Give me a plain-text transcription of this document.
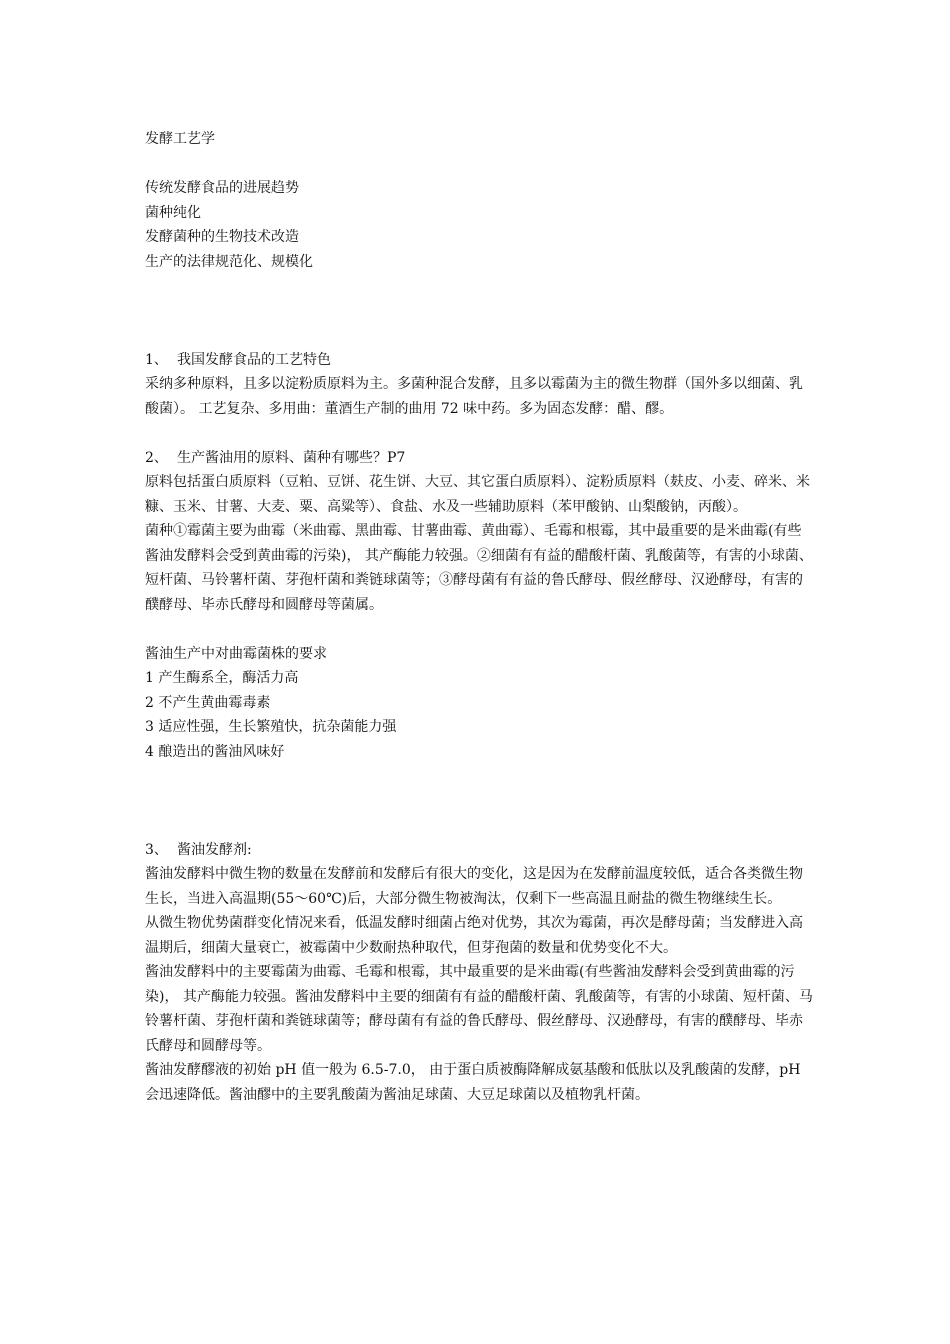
发酵工艺学

传统发酵食品的进展趋势

菌种纯化

发酵菌种的生物技术改造

生产的法律规范化、规模化

1、 我国发酵食品的工艺特色

采纳多种原料，且多以淀粉质原料为主。多菌种混合发酵，且多以霉菌为主的微生物群（国外多以细菌、乳酸菌）。 工艺复杂、多用曲：董酒生产制的曲用 72 味中药。多为固态发酵：醋、醪。

2、 生产酱油用的原料、菌种有哪些？P7

原料包括蛋白质原料（豆粕、豆饼、花生饼、大豆、其它蛋白质原料）、淀粉质原料（麸皮、小麦、碎米、米糠、玉米、甘薯、大麦、粟、高粱等）、食盐、水及一些辅助原料（苯甲酸钠、山梨酸钠，丙酸）。

菌种①霉菌主要为曲霉（米曲霉、黑曲霉、甘薯曲霉、黄曲霉）、毛霉和根霉，其中最重要的是米曲霉(有些酱油发酵料会受到黄曲霉的污染)， 其产酶能力较强。②细菌有有益的醋酸杆菌、乳酸菌等，有害的小球菌、短杆菌、马铃薯杆菌、芽孢杆菌和粪链球菌等；③酵母菌有有益的鲁氏酵母、假丝酵母、汉逊酵母，有害的醭酵母、毕赤氏酵母和圆酵母等菌属。

酱油生产中对曲霉菌株的要求

1 产生酶系全，酶活力高

2 不产生黄曲霉毒素

3 适应性强，生长繁殖快，抗杂菌能力强

4 酿造出的酱油风味好

3、 酱油发酵剂:

酱油发酵料中微生物的数量在发酵前和发酵后有很大的变化，这是因为在发酵前温度较低，适合各类微生物生长，当进入高温期(55～60℃)后，大部分微生物被淘汰，仅剩下一些高温且耐盐的微生物继续生长。

从微生物优势菌群变化情况来看，低温发酵时细菌占绝对优势，其次为霉菌，再次是酵母菌；当发酵进入高温期后，细菌大量衰亡，被霉菌中少数耐热种取代，但芽孢菌的数量和优势变化不大。

酱油发酵料中的主要霉菌为曲霉、毛霉和根霉，其中最重要的是米曲霉(有些酱油发酵料会受到黄曲霉的污染)， 其产酶能力较强。酱油发酵料中主要的细菌有有益的醋酸杆菌、乳酸菌等，有害的小球菌、短杆菌、马铃薯杆菌、芽孢杆菌和粪链球菌等；酵母菌有有益的鲁氏酵母、假丝酵母、汉逊酵母，有害的醭酵母、毕赤氏酵母和圆酵母等。

酱油发酵醪液的初始 pH 值一般为 6.5-7.0， 由于蛋白质被酶降解成氨基酸和低肽以及乳酸菌的发酵，pH 会迅速降低。酱油醪中的主要乳酸菌为酱油足球菌、大豆足球菌以及植物乳杆菌。
